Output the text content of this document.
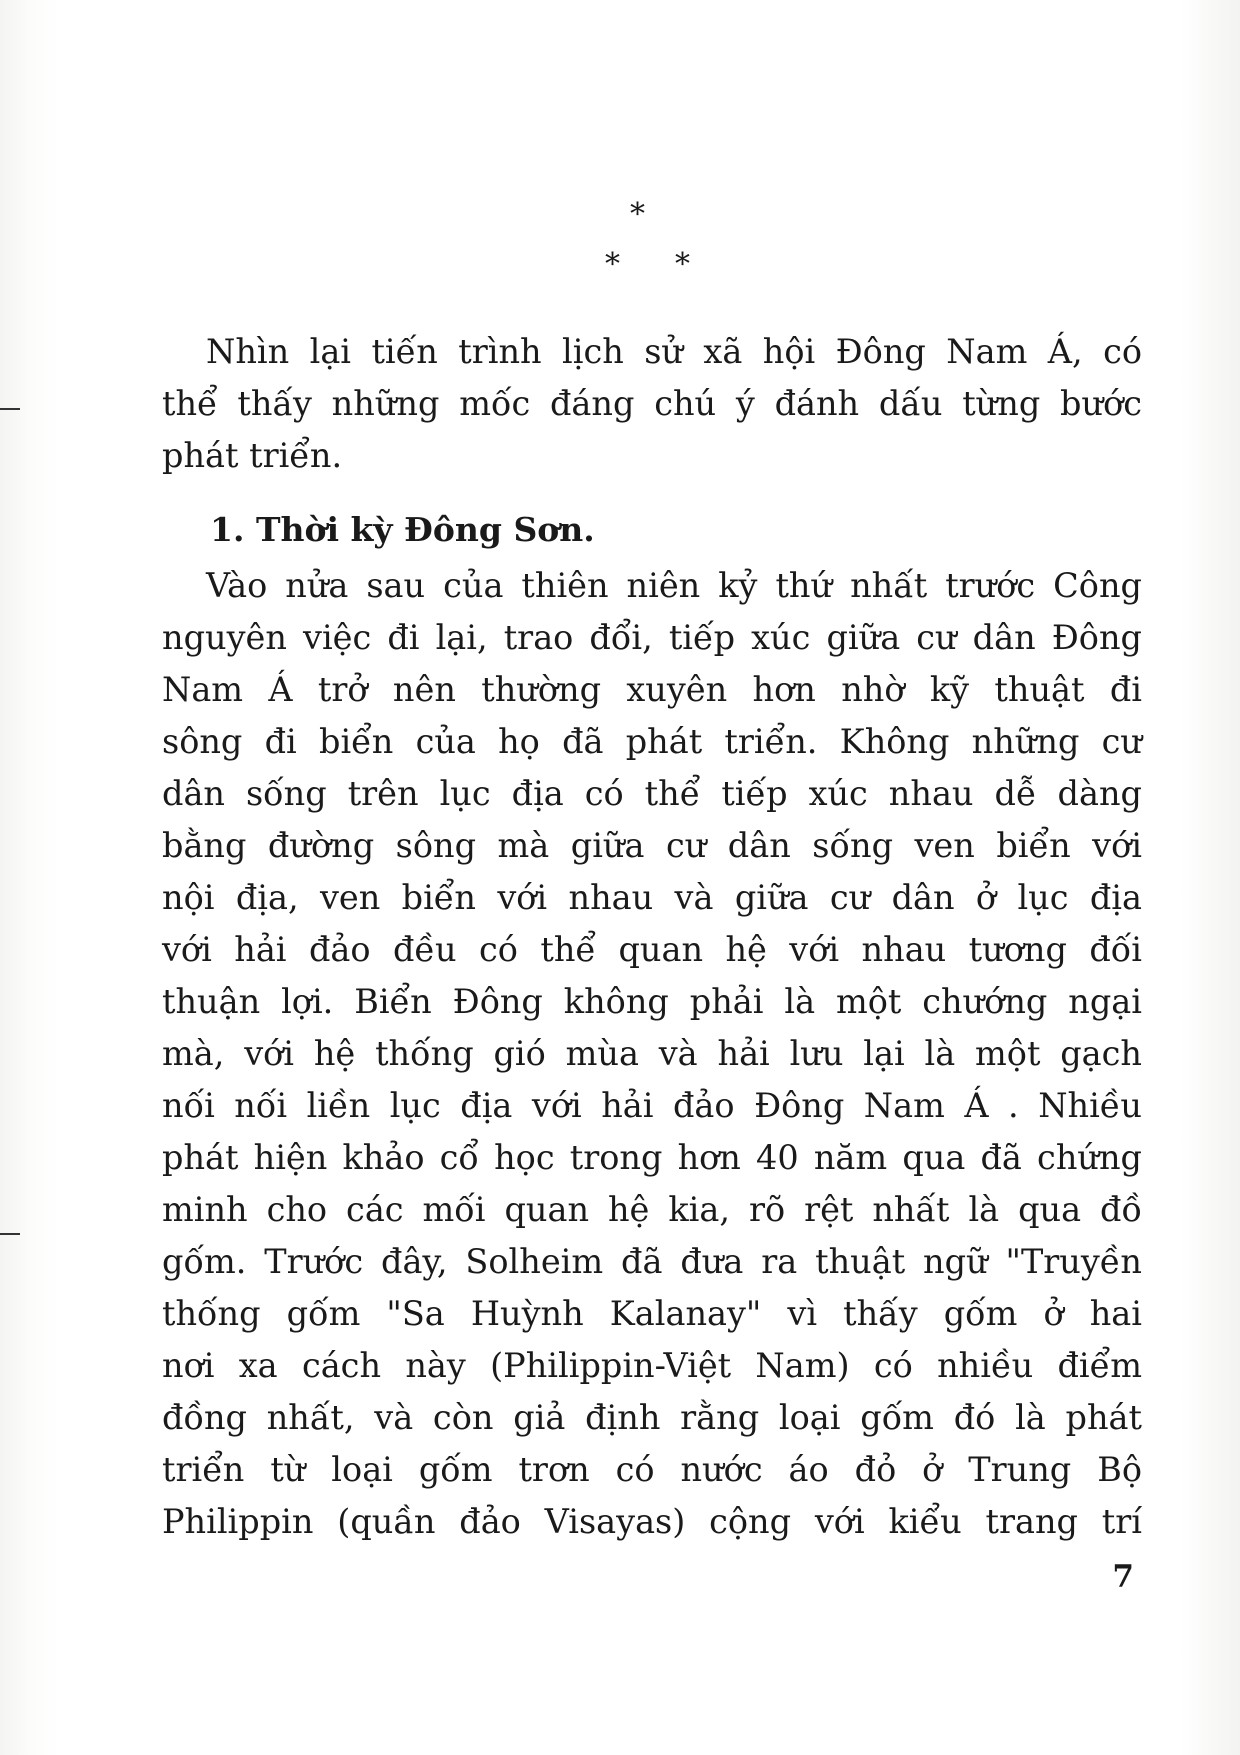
*
* *
Nhìn lại tiến trình lịch sử xã hội Đông Nam Á, có
thể thấy những mốc đáng chú ý đánh dấu từng bước
phát triển.
1. Thời kỳ Đông Sơn.
Vào nửa sau của thiên niên kỷ thứ nhất trước Công
nguyên việc đi lại, trao đổi, tiếp xúc giữa cư dân Đông
Nam Á trở nên thường xuyên hơn nhờ kỹ thuật đi
sông đi biển của họ đã phát triển. Không những cư
dân sống trên lục địa có thể tiếp xúc nhau dễ dàng
bằng đường sông mà giữa cư dân sống ven biển với
nội địa, ven biển với nhau và giữa cư dân ở lục địa
với hải đảo đều có thể quan hệ với nhau tương đối
thuận lợi. Biển Đông không phải là một chướng ngại
mà, với hệ thống gió mùa và hải lưu lại là một gạch
nối nối liền lục địa với hải đảo Đông Nam Á . Nhiều
phát hiện khảo cổ học trong hơn 40 năm qua đã chứng
minh cho các mối quan hệ kia, rõ rệt nhất là qua đồ
gốm. Trước đây, Solheim đã đưa ra thuật ngữ "Truyền
thống gốm "Sa Huỳnh Kalanay" vì thấy gốm ở hai
nơi xa cách này (Philippin-Việt Nam) có nhiều điểm
đồng nhất, và còn giả định rằng loại gốm đó là phát
triển từ loại gốm trơn có nước áo đỏ ở Trung Bộ
Philippin (quần đảo Visayas) cộng với kiểu trang trí
7
